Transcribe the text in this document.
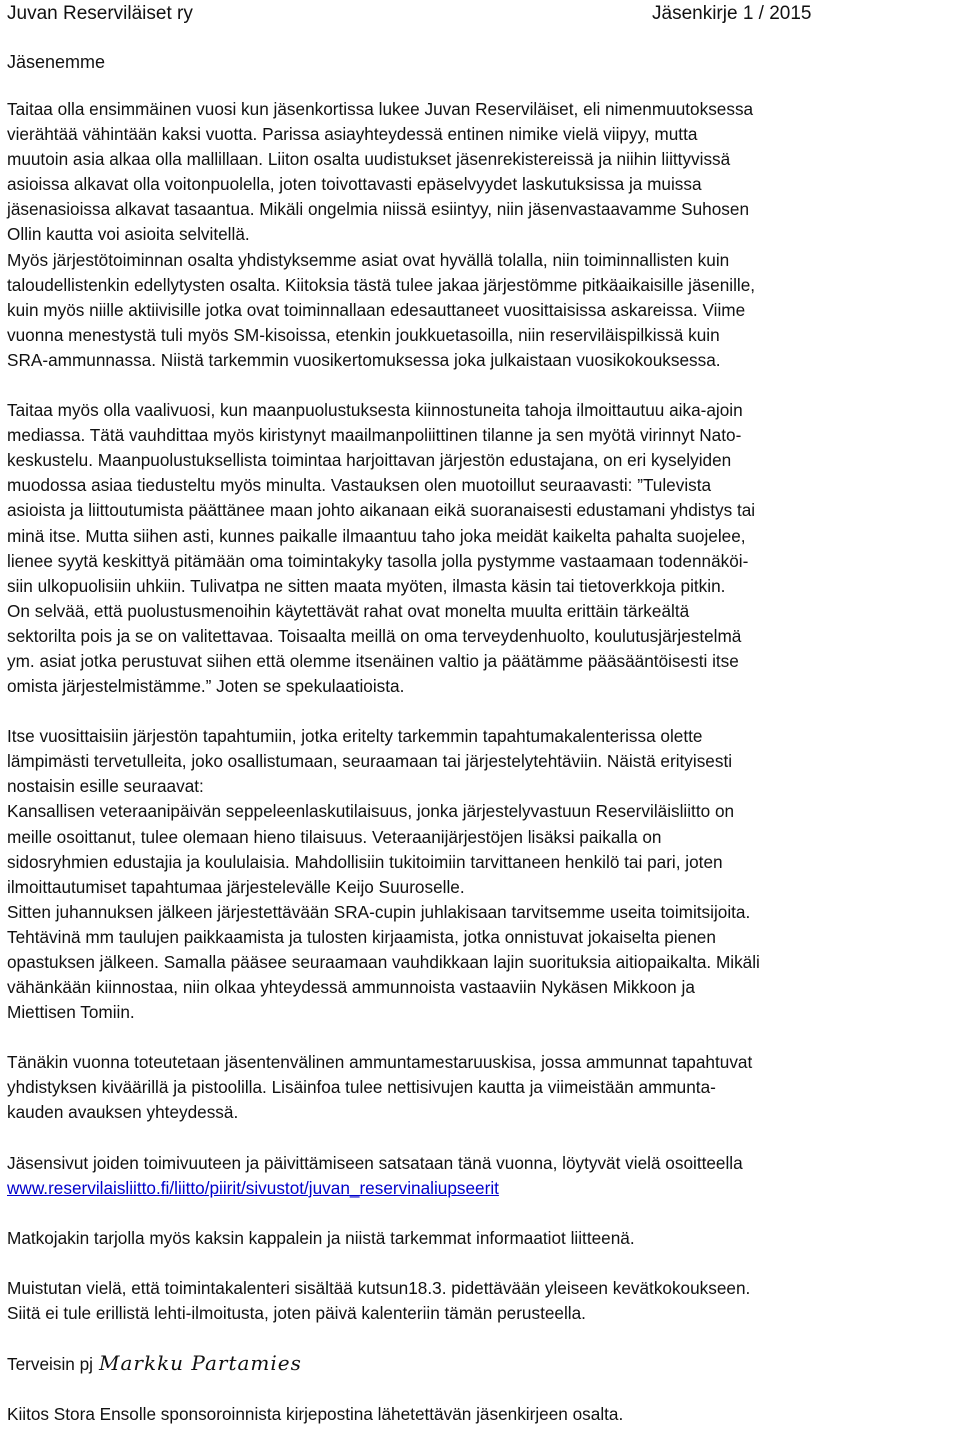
Juvan Reserviläiset ry	Jäsenkirje 1 / 2015
Jäsenemme

Taitaa olla ensimmäinen vuosi kun jäsenkortissa lukee Juvan Reserviläiset, eli nimenmuutoksessa
vierähtää vähintään kaksi vuotta. Parissa asiayhteydessä entinen nimike vielä viipyy, mutta
muutoin asia alkaa olla mallillaan. Liiton osalta uudistukset jäsenrekistereissä ja niihin liittyvissä
asioissa alkavat olla voitonpuolella, joten toivottavasti epäselvyydet laskutuksissa ja muissa
jäsenasioissa alkavat tasaantua. Mikäli ongelmia niissä esiintyy, niin jäsenvastaavamme Suhosen
Ollin kautta voi asioita selvitellä.
Myös järjestötoiminnan osalta yhdistyksemme asiat ovat hyvällä tolalla, niin toiminnallisten kuin
taloudellistenkin edellytysten osalta. Kiitoksia tästä tulee jakaa järjestömme pitkäaikaisille jäsenille,
kuin myös niille aktiivisille jotka ovat toiminnallaan edesauttaneet vuosittaisissa askareissa. Viime
vuonna menestystä tuli myös SM-kisoissa, etenkin joukkuetasoilla, niin reserviläispilkissä kuin
SRA-ammunnassa. Niistä tarkemmin vuosikertomuksessa joka julkaistaan vuosikokouksessa.

Taitaa myös olla vaalivuosi, kun maanpuolustuksesta kiinnostuneita tahoja ilmoittautuu aika-ajoin
mediassa. Tätä vauhdittaa myös kiristynyt maailmanpoliittinen tilanne ja sen myötä virinnyt Nato-
keskustelu. Maanpuolustuksellista toimintaa harjoittavan järjestön edustajana, on eri kyselyiden
muodossa asiaa tiedusteltu myös minulta. Vastauksen olen muotoillut seuraavasti: ”Tulevista
asioista ja liittoutumista päättänee maan johto aikanaan eikä suoranaisesti edustamani yhdistys tai
minä itse. Mutta siihen asti, kunnes paikalle ilmaantuu taho joka meidät kaikelta pahalta suojelee,
lienee syytä keskittyä pitämään oma toimintakyky tasolla jolla pystymme vastaamaan todennäköi-
siin ulkopuolisiin uhkiin. Tulivatpa ne sitten maata myöten, ilmasta käsin tai tietoverkkoja pitkin.
On selvää, että puolustusmenoihin käytettävät rahat ovat monelta muulta erittäin tärkeältä
sektorilta pois ja se on valitettavaa. Toisaalta meillä on oma terveydenhuolto, koulutusjärjestelmä
ym. asiat jotka perustuvat siihen että olemme itsenäinen valtio ja päätämme pääsääntöisesti itse
omista järjestelmistämme.” Joten se spekulaatioista.

Itse vuosittaisiin järjestön tapahtumiin, jotka eritelty tarkemmin tapahtumakalenterissa olette
lämpimästi tervetulleita, joko osallistumaan, seuraamaan tai järjestelytehtäviin. Näistä erityisesti
nostaisin esille seuraavat:
Kansallisen veteraanipäivän seppeleenlaskutilaisuus, jonka järjestelyvastuun Reserviläisliitto on
meille osoittanut, tulee olemaan hieno tilaisuus. Veteraanijärjestöjen lisäksi paikalla on
sidosryhmien edustajia ja koululaisia. Mahdollisiin tukitoimiin tarvittaneen henkilö tai pari, joten
ilmoittautumiset tapahtumaa järjestelevälle Keijo Suuroselle.
Sitten juhannuksen jälkeen järjestettävään SRA-cupin juhlakisaan tarvitsemme useita toimitsijoita.
Tehtävinä mm taulujen paikkaamista ja tulosten kirjaamista, jotka onnistuvat jokaiselta pienen
opastuksen jälkeen. Samalla pääsee seuraamaan vauhdikkaan lajin suorituksia aitiopaikalta. Mikäli
vähänkään kiinnostaa, niin olkaa yhteydessä ammunnoista vastaaviin Nykäsen Mikkoon ja
Miettisen Tomiin.

Tänäkin vuonna toteutetaan jäsentenvälinen ammuntamestaruuskisa, jossa ammunnat tapahtuvat
yhdistyksen kiväärillä ja pistoolilla. Lisäinfoa tulee nettisivujen kautta ja viimeistään ammunta-
kauden avauksen yhteydessä.

Jäsensivut joiden toimivuuteen ja päivittämiseen satsataan tänä vuonna, löytyvät vielä osoitteella
www.reservilaisliitto.fi/liitto/piirit/sivustot/juvan_reservinaliupseerit

Matkojakin tarjolla myös kaksin kappalein ja niistä tarkemmat informaatiot liitteenä.

Muistutan vielä, että toimintakalenteri sisältää kutsun18.3. pidettävään yleiseen kevätkokoukseen.
Siitä ei tule erillistä lehti-ilmoitusta, joten päivä kalenteriin tämän perusteella.

Terveisin pj Markku Partamies

Kiitos Stora Ensolle sponsoroinnista kirjepostina lähetettävän jäsenkirjeen osalta.
